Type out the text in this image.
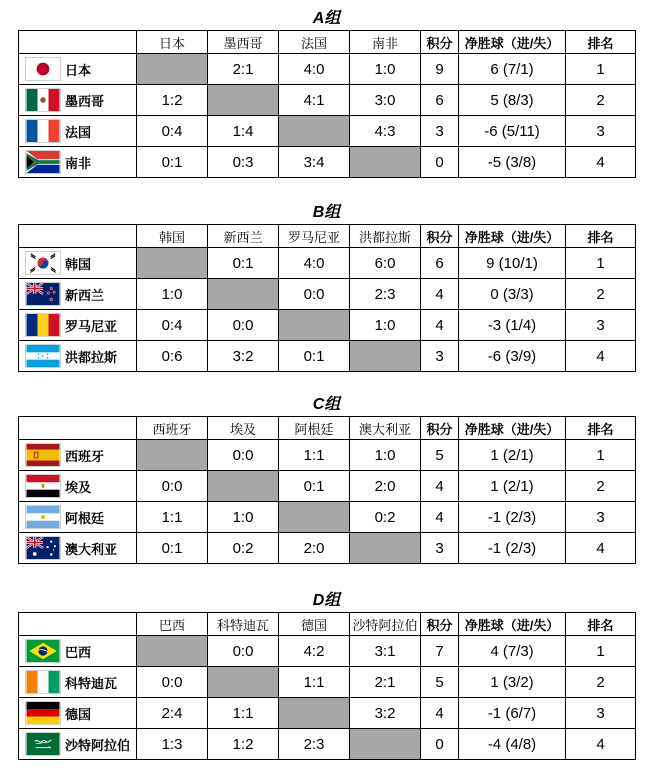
A组
	日本	墨西哥	法国	南非	积分	净胜球（进/失）	排名

日本		2:1	4:0	1:0	9	6 (7/1)	1

墨西哥	1:2		4:1	3:0	6	5 (8/3)	2

法国	0:4	1:4		4:3	3	-6 (5/11)	3

南非	0:1	0:3	3:4		0	-5 (3/8)	4
B组
	韩国	新西兰	罗马尼亚	洪都拉斯	积分	净胜球（进/失）	排名

韩国		0:1	4:0	6:0	6	9 (10/1)	1

新西兰	1:0		0:0	2:3	4	0 (3/3)	2

罗马尼亚	0:4	0:0		1:0	4	-3 (1/4)	3

洪都拉斯	0:6	3:2	0:1		3	-6 (3/9)	4
C组
	西班牙	埃及	阿根廷	澳大利亚	积分	净胜球（进/失）	排名

西班牙		0:0	1:1	1:0	5	1 (2/1)	1

埃及	0:0		0:1	2:0	4	1 (2/1)	2

阿根廷	1:1	1:0		0:2	4	-1 (2/3)	3

澳大利亚	0:1	0:2	2:0		3	-1 (2/3)	4
D组
	巴西	科特迪瓦	德国	沙特阿拉伯	积分	净胜球（进/失）	排名

巴西		0:0	4:2	3:1	7	4 (7/3)	1

科特迪瓦	0:0		1:1	2:1	5	1 (3/2)	2

德国	2:4	1:1		3:2	4	-1 (6/7)	3

沙特阿拉伯	1:3	1:2	2:3		0	-4 (4/8)	4
